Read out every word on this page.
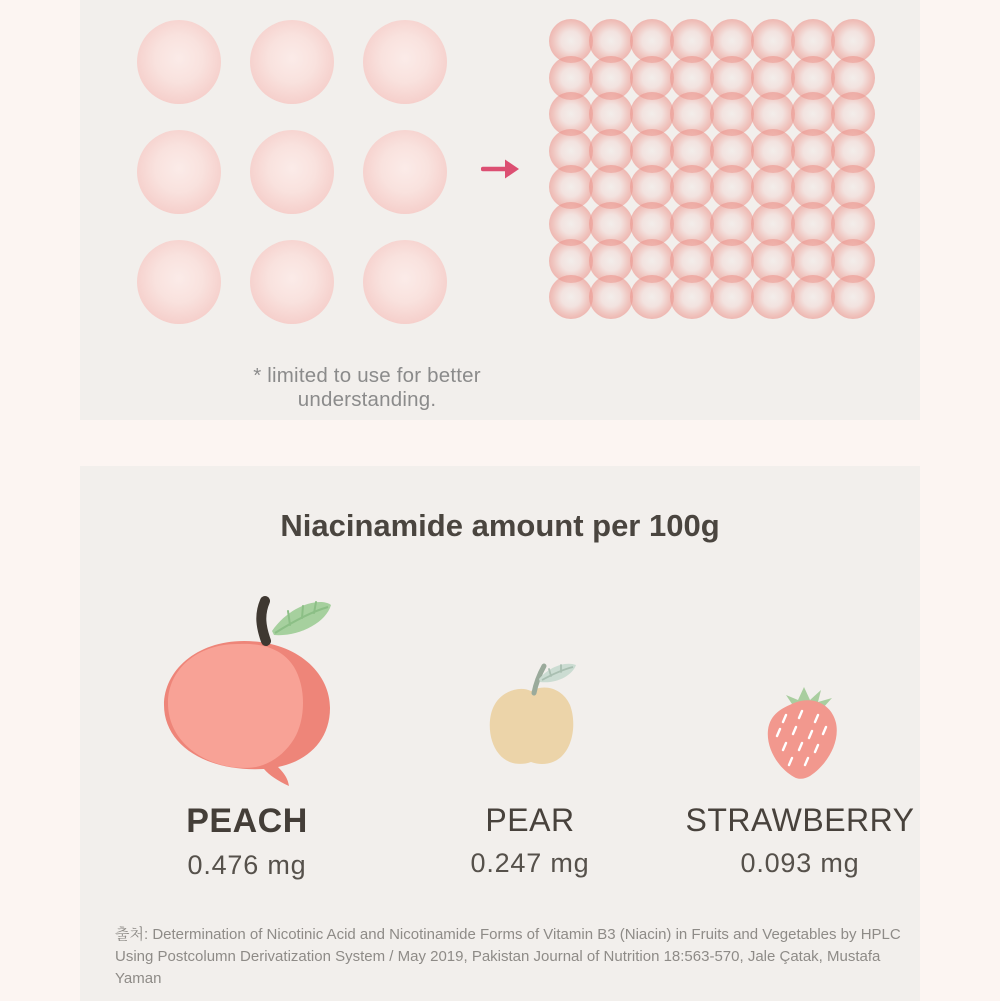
* limited to use for better understanding.
Niacinamide amount per 100g
PEACH
0.476 mg
PEAR
0.247 mg
STRAWBERRY
0.093 mg
출처: Determination of Nicotinic Acid and Nicotinamide Forms of Vitamin B3 (Niacin) in Fruits and Vegetables by HPLC
Using Postcolumn Derivatization System / May 2019, Pakistan Journal of Nutrition 18:563-570, Jale Çatak, Mustafa Yaman
